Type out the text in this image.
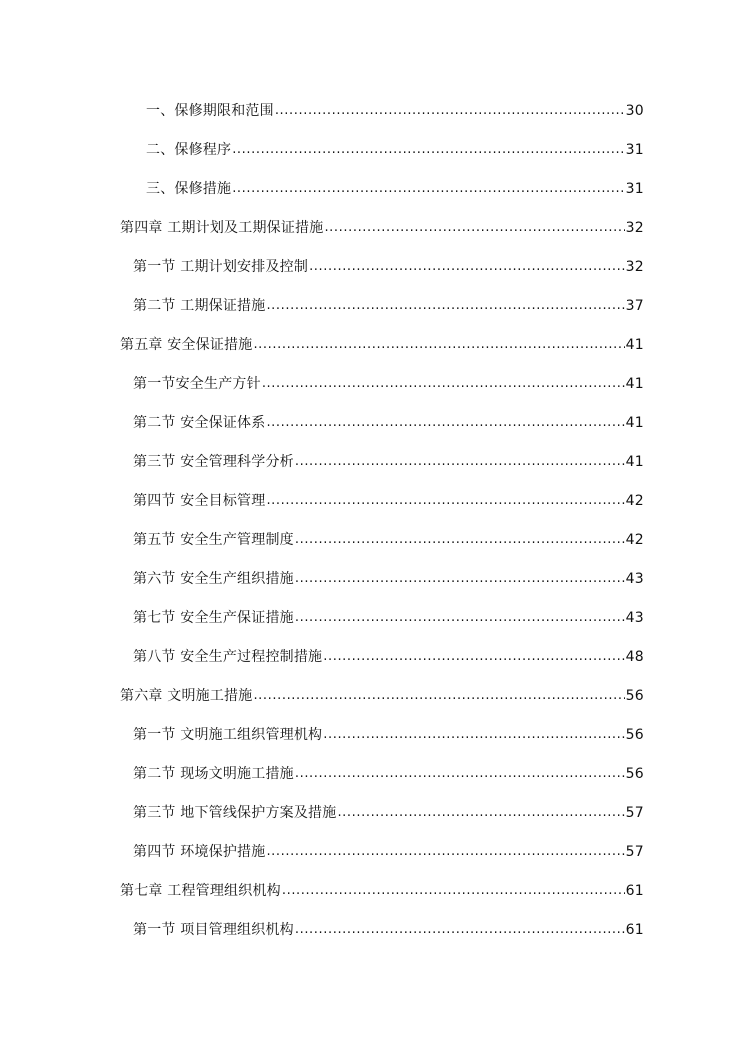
一、保修期限和范围 .....	30
二、保修程序 .....	31
三、保修措施 .....	31
第四章 工期计划及工期保证措施 .....	32
第一节 工期计划安排及控制 .....	32
第二节 工期保证措施 .....	37
第五章 安全保证措施 .....	41
第一节安全生产方针 .....	41
第二节 安全保证体系 .....	41
第三节 安全管理科学分析 .....	41
第四节 安全目标管理 .....	42
第五节 安全生产管理制度 .....	42
第六节 安全生产组织措施 .....	43
第七节 安全生产保证措施 .....	43
第八节 安全生产过程控制措施 .....	48
第六章 文明施工措施 .....	56
第一节 文明施工组织管理机构 .....	56
第二节 现场文明施工措施 .....	56
第三节 地下管线保护方案及措施 .....	57
第四节 环境保护措施 .....	57
第七章 工程管理组织机构 .....	61
第一节 项目管理组织机构 .....	61
